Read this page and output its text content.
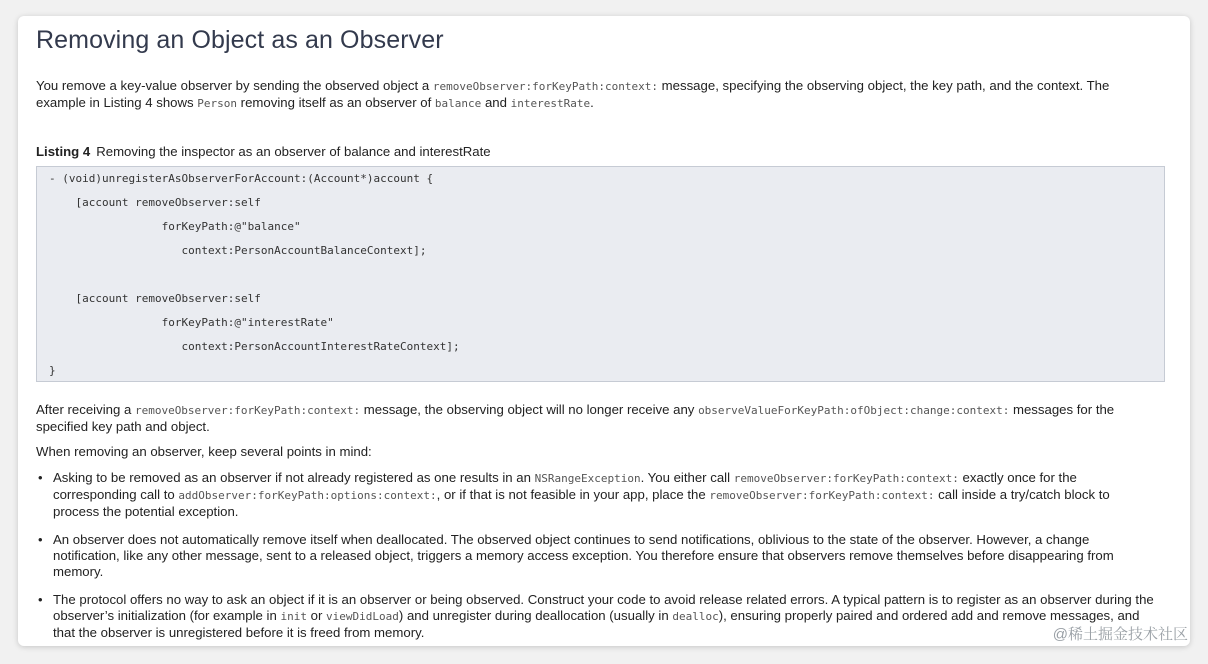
Removing an Object as an Observer

You remove a key-value observer by sending the observed object a removeObserver:forKeyPath:context: message, specifying the observing object, the key path, and the context. The example in Listing 4 shows Person removing itself as an observer of balance and interestRate.

Listing 4 Removing the inspector as an observer of balance and interestRate
- (void)unregisterAsObserverForAccount:(Account*)account {
[account removeObserver:self
forKeyPath:@"balance"
context:PersonAccountBalanceContext];
[account removeObserver:self
forKeyPath:@"interestRate"
context:PersonAccountInterestRateContext];
}

After receiving a removeObserver:forKeyPath:context: message, the observing object will no longer receive any observeValueForKeyPath:ofObject:change:context: messages for the specified key path and object.

When removing an observer, keep several points in mind:

• Asking to be removed as an observer if not already registered as one results in an NSRangeException. You either call removeObserver:forKeyPath:context: exactly once for the corresponding call to addObserver:forKeyPath:options:context:, or if that is not feasible in your app, place the removeObserver:forKeyPath:context: call inside a try/catch block to process the potential exception.
• An observer does not automatically remove itself when deallocated. The observed object continues to send notifications, oblivious to the state of the observer. However, a change notification, like any other message, sent to a released object, triggers a memory access exception. You therefore ensure that observers remove themselves before disappearing from memory.
• The protocol offers no way to ask an object if it is an observer or being observed. Construct your code to avoid release related errors. A typical pattern is to register as an observer during the observer’s initialization (for example in init or viewDidLoad) and unregister during deallocation (usually in dealloc), ensuring properly paired and ordered add and remove messages, and that the observer is unregistered before it is freed from memory.	@稀土掘金技术社区
